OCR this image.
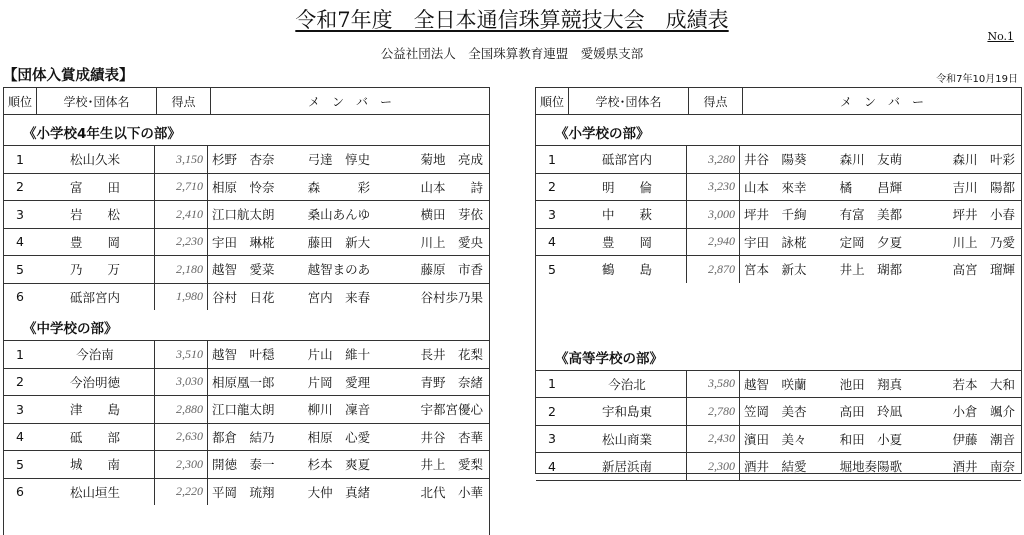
令和7年度　全日本通信珠算競技大会　成績表
No.1
公益社団法人　全国珠算教育連盟　愛媛県支部
【団体入賞成績表】	令和7年10月19日
順位	学校･団体名	得点	メ　ン　バ　ー
《小学校4年生以下の部》
1	松山久米	3,150 杉野　杏奈	弓達　惇史	菊地　亮成
2	富　　田	2,710 相原　怜奈	森　　　彩	山本　　詩
3	岩　　松	2,410 江口航太朗	桑山あんゆ	横田　芽依
4	豊　　岡	2,230 宇田　琳椛	藤田　新大	川上　愛央
5	乃　　万	2,180 越智　愛菜	越智まのあ	藤原　市香
6	砥部宮内	1,980 谷村　日花	宮内　来春	谷村歩乃果
《中学校の部》
1	今治南	3,510 越智　叶穏	片山　維十	長井　花梨
2	今治明徳	3,030 相原凰一郎	片岡　愛理	青野　奈緒
3	津　　島	2,880 江口龍太朗	柳川　凜音	宇都宮優心
4	砥　　部	2,630 都倉　結乃	相原　心愛	井谷　杏華
5	城　　南	2,300 開徳　泰一	杉本　爽夏	井上　愛梨
6	松山垣生	2,220 平岡　琉翔	大仲　真緒	北代　小華
順位	学校･団体名	得点	メ　ン　バ　ー
《小学校の部》
1	砥部宮内	3,280 井谷　陽葵	森川　友萌	森川　叶彩
2	明　　倫	3,230 山本　來幸	橘　　昌輝	吉川　陽都
3	中　　萩	3,000 坪井　千絢	有富　美都	坪井　小春
4	豊　　岡	2,940 宇田　詠椛	定岡　夕夏	川上　乃愛
5	鶴　　島	2,870 宮本　新太	井上　瑚都	高宮　瑠輝
《高等学校の部》
1	今治北	3,580 越智　咲蘭	池田　翔真	若本　大和
2	宇和島東	2,780 笠岡　美杏	高田　玲凪	小倉　颯介
3	松山商業	2,430 濱田　美々	和田　小夏	伊藤　潮音
4	新居浜南	2,300 酒井　結愛	堀地奏陽歌	酒井　南奈
